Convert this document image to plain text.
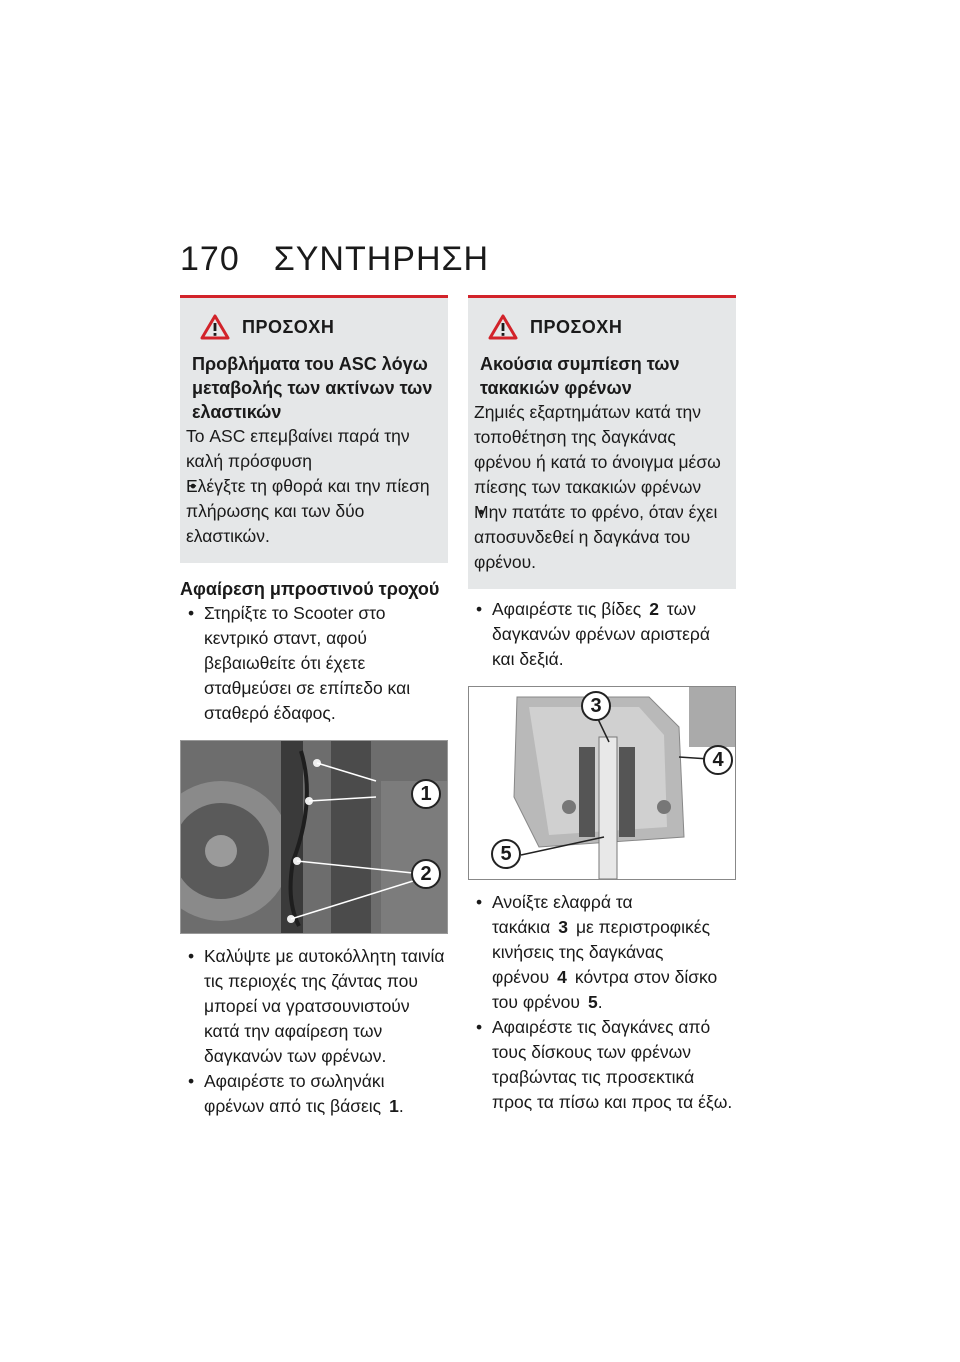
170 ΣΥΝΤΗΡΗΣΗ
ΠΡΟΣΟΧΗ
Προβλήματα του ASC λόγω μεταβολής των ακτίνων των ελαστικών
Το ASC επεμβαίνει παρά την καλή πρόσφυση
• Ελέγξτε τη φθορά και την πίεση πλήρωσης και των δύο ελαστικών.
Αφαίρεση μπροστινού τροχού
• Στηρίξτε το Scooter στο κεντρικό σταντ, αφού βεβαιωθείτε ότι έχετε σταθμεύσει σε επίπεδο και σταθερό έδαφος.
1
2
• Καλύψτε με αυτοκόλλητη ταινία τις περιοχές της ζάντας που μπορεί να γρατσουνιστούν κατά την αφαίρεση των δαγκανών των φρένων.
• Αφαιρέστε το σωληνάκι φρένων από τις βάσεις 1.
ΠΡΟΣΟΧΗ
Ακούσια συμπίεση των τακακιών φρένων
Ζημιές εξαρτημάτων κατά την τοποθέτηση της δαγκάνας φρένου ή κατά το άνοιγμα μέσω πίεσης των τακακιών φρένων
• Μην πατάτε το φρένο, όταν έχει αποσυνδεθεί η δαγκάνα του φρένου.
• Αφαιρέστε τις βίδες 2 των δαγκανών φρένων αριστερά και δεξιά.
3
4
5
• Ανοίξτε ελαφρά τα τακάκια 3 με περιστροφικές κινήσεις της δαγκάνας φρένου 4 κόντρα στον δίσκο του φρένου 5.
• Αφαιρέστε τις δαγκάνες από τους δίσκους των φρένων τραβώντας τις προσεκτικά προς τα πίσω και προς τα έξω.
